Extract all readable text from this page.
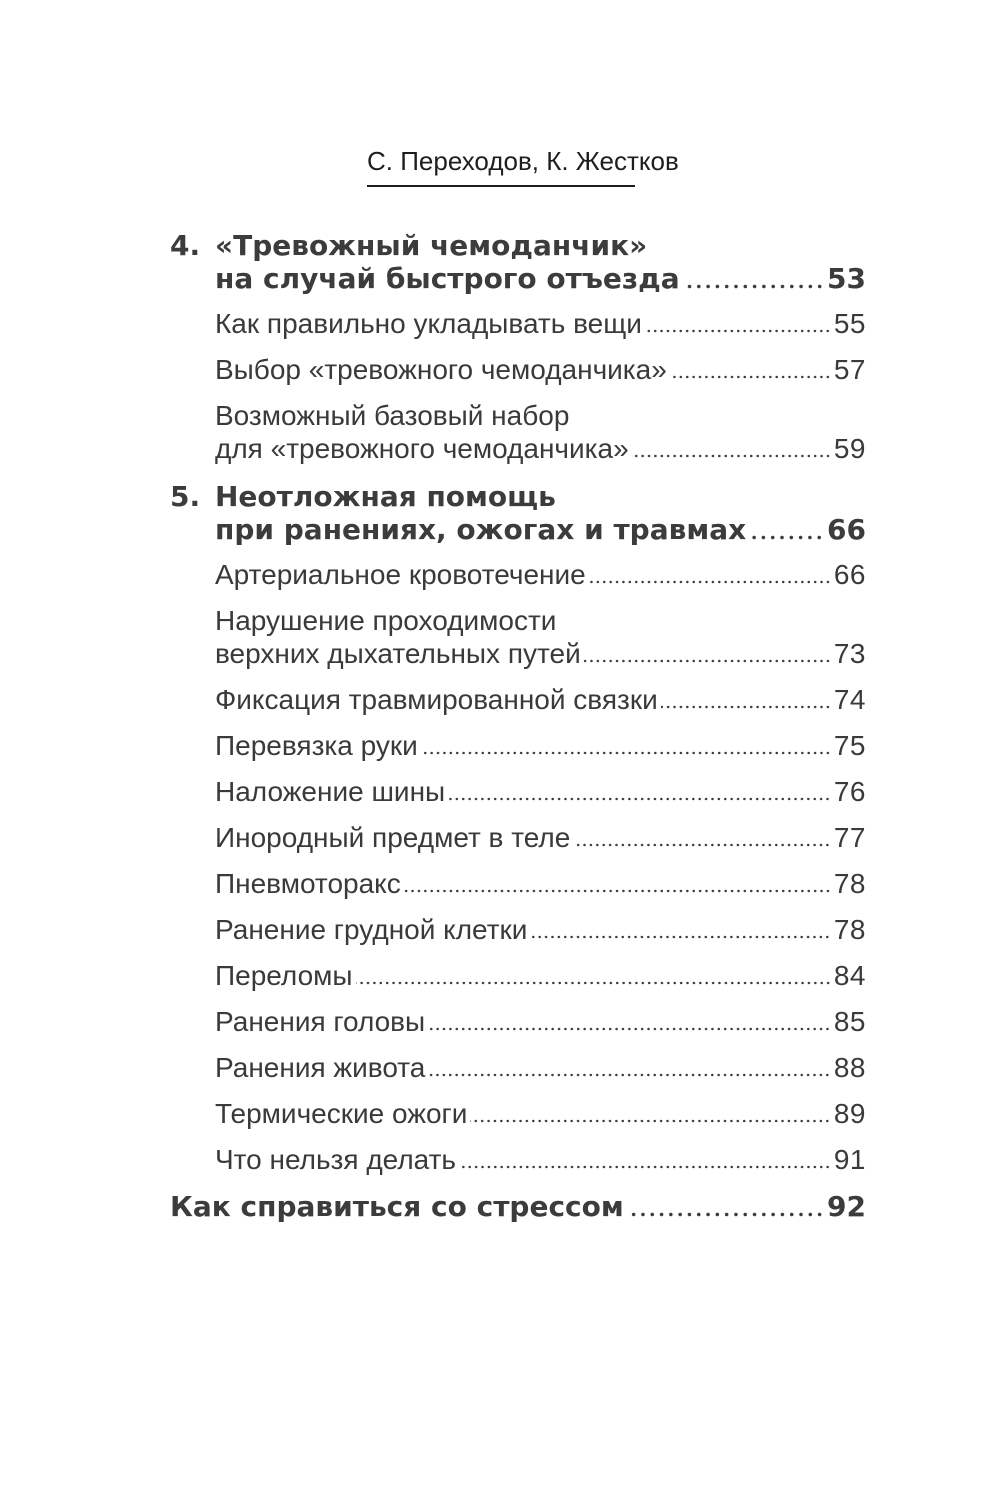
С. Переходов, К. Жестков
4. «Тревожный чемоданчик»
на случай быстрого отъезда	53
Как правильно укладывать вещи	55
Выбор «тревожного чемоданчика»	57
Возможный базовый набор
для «тревожного чемоданчика»	59
5. Неотложная помощь
при ранениях, ожогах и травмах	66
Артериальное кровотечение	66
Нарушение проходимости
верхних дыхательных путей	73
Фиксация травмированной связки	74
Перевязка руки	75
Наложение шины	76
Инородный предмет в теле	77
Пневмоторакс	78
Ранение грудной клетки	78
Переломы	84
Ранения головы	85
Ранения живота	88
Термические ожоги	89
Что нельзя делать	91
Как справиться со стрессом	92
